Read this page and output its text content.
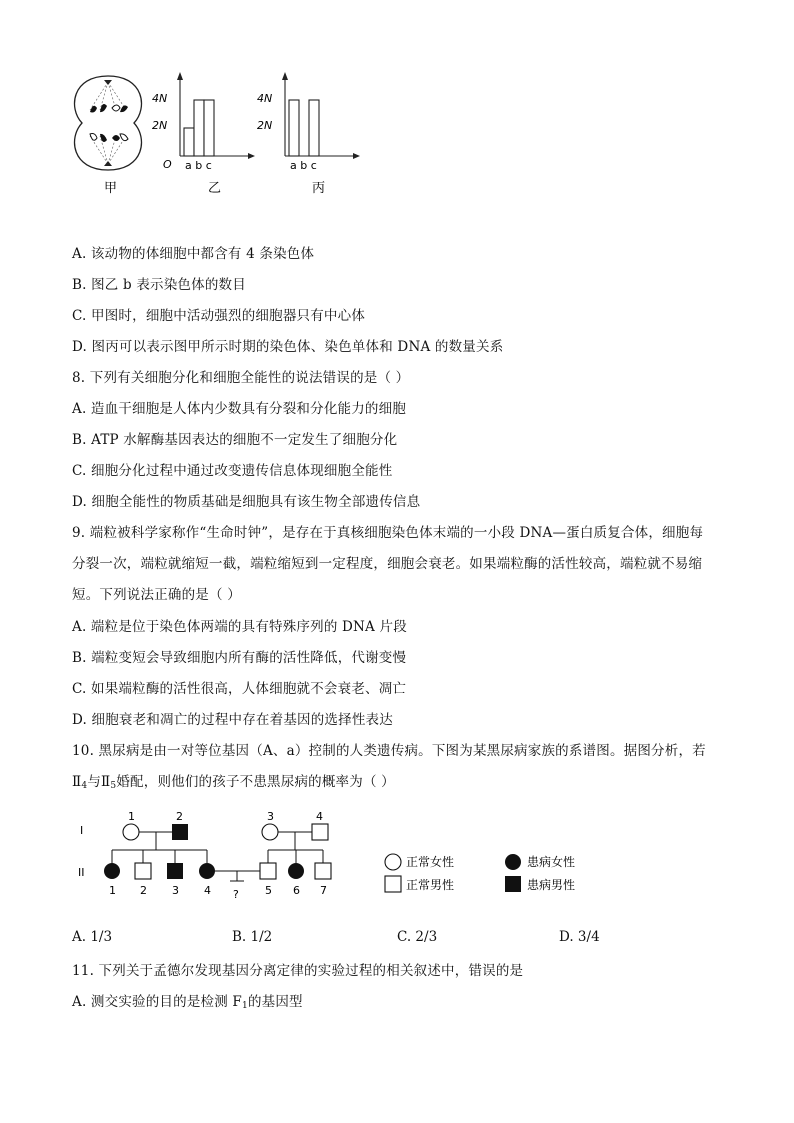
甲
4N
2N
O a b c
乙
4N
2N
a b c
丙
A. 该动物的体细胞中都含有 4 条染色体
B. 图乙 b 表示染色体的数目
C. 甲图时，细胞中活动强烈的细胞器只有中心体
D. 图丙可以表示图甲所示时期的染色体、染色单体和 DNA 的数量关系
8. 下列有关细胞分化和细胞全能性的说法错误的是（ ）
A. 造血干细胞是人体内少数具有分裂和分化能力的细胞
B. ATP 水解酶基因表达的细胞不一定发生了细胞分化
C. 细胞分化过程中通过改变遗传信息体现细胞全能性
D. 细胞全能性的物质基础是细胞具有该生物全部遗传信息
9. 端粒被科学家称作“生命时钟”，是存在于真核细胞染色体末端的一小段 DNA—蛋白质复合体，细胞每
分裂一次，端粒就缩短一截，端粒缩短到一定程度，细胞会衰老。如果端粒酶的活性较高，端粒就不易缩
短。下列说法正确的是（ ）
A. 端粒是位于染色体两端的具有特殊序列的 DNA 片段
B. 端粒变短会导致细胞内所有酶的活性降低，代谢变慢
C. 如果端粒酶的活性很高，人体细胞就不会衰老、凋亡
D. 细胞衰老和凋亡的过程中存在着基因的选择性表达
10. 黑尿病是由一对等位基因（A、a）控制的人类遗传病。下图为某黑尿病家族的系谱图。据图分析，若
$Ⅱ_4$与$Ⅱ_5$婚配，则他们的孩子不患黑尿病的概率为（ ）
I
II
1	2	3	4
?
1 2 3 4	5 6 7
正常女性
正常男性
患病女性
患病男性
A. 1/3	B. 1/2	C. 2/3	D. 3/4
11. 下列关于孟德尔发现基因分离定律的实验过程的相关叙述中，错误的是
A. 测交实验的目的是检测 $F_1$的基因型
